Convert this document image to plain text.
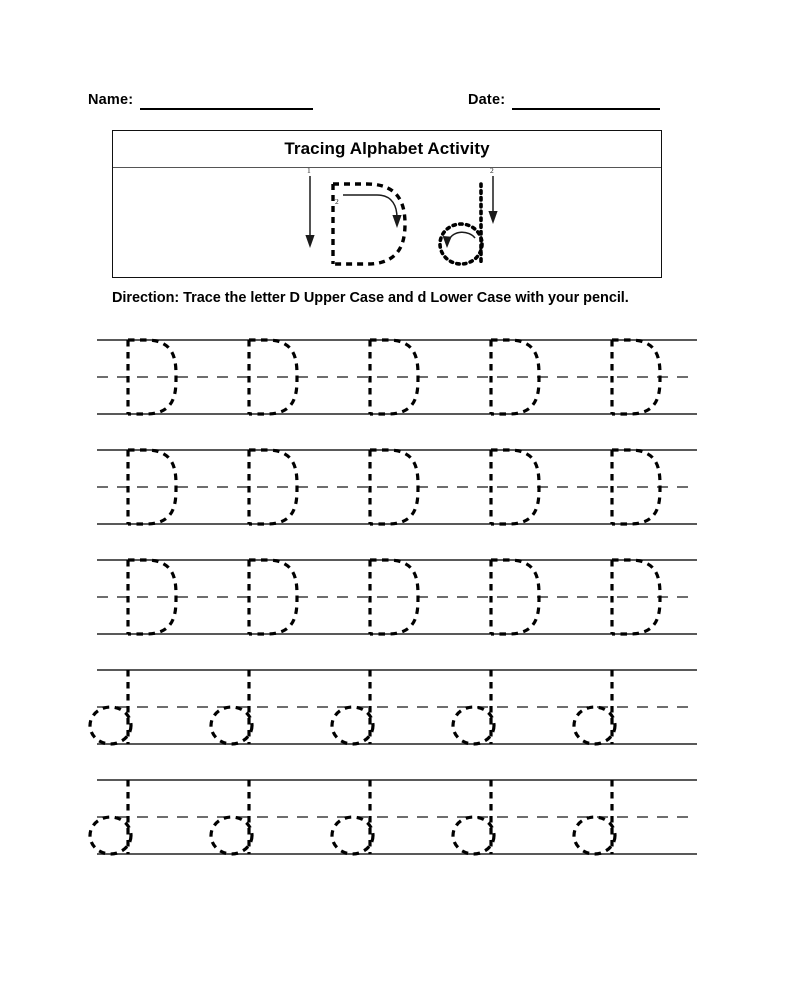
Name:	Date:
Tracing Alphabet Activity
1
2
2
Direction: Trace the letter D Upper Case and d Lower Case with your pencil.
